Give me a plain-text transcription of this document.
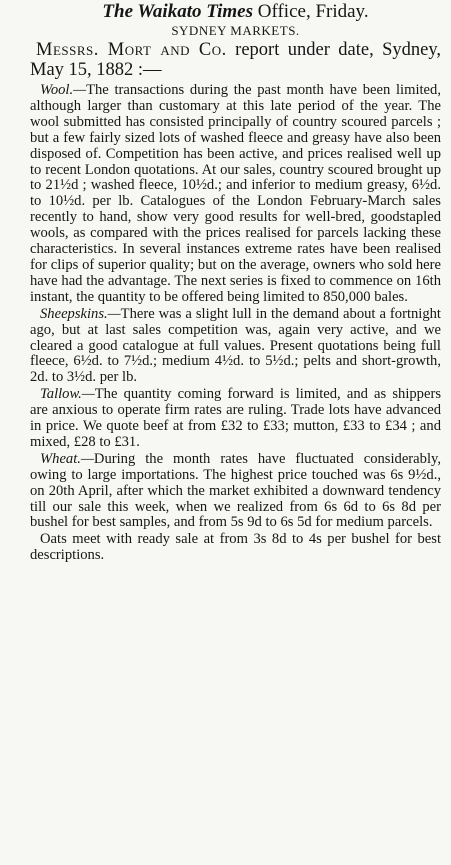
The Waikato Times Office, Friday.
SYDNEY MARKETS.

Messrs. Mort and Co. report under date, Sydney, May 15, 1882 :—

Wool.—The transactions during the past month have been limited, although larger than customary at this late period of the year. The wool submitted has consisted principally of country scoured parcels ; but a few fairly sized lots of washed fleece and greasy have also been disposed of. Competition has been active, and prices realised well up to recent London quotations. At our sales, country scoured brought up to 21½d ; washed fleece, 10½d.; and inferior to medium greasy, 6½d. to 10½d. per lb. Catalogues of the London February-March sales recently to hand, show very good results for well-bred, goodstapled wools, as compared with the prices realised for parcels lacking these characteristics. In several instances extreme rates have been realised for clips of superior quality; but on the average, owners who sold here have had the advantage. The next series is fixed to commence on 16th instant, the quantity to be offered being limited to 850,000 bales.

Sheepskins.—There was a slight lull in the demand about a fortnight ago, but at last sales competition was, again very active, and we cleared a good catalogue at full values. Present quotations being full fleece, 6½d. to 7½d.; medium 4½d. to 5½d.; pelts and short-growth, 2d. to 3½d. per lb.

Tallow.—The quantity coming forward is limited, and as shippers are anxious to operate firm rates are ruling. Trade lots have advanced in price. We quote beef at from £32 to £33; mutton, £33 to £34 ; and mixed, £28 to £31.

Wheat.—During the month rates have fluctuated considerably, owing to large importations. The highest price touched was 6s 9½d., on 20th April, after which the market exhibited a downward tendency till our sale this week, when we realized from 6s 6d to 6s 8d per bushel for best samples, and from 5s 9d to 6s 5d for medium parcels.

Oats meet with ready sale at from 3s 8d to 4s per bushel for best descriptions.
